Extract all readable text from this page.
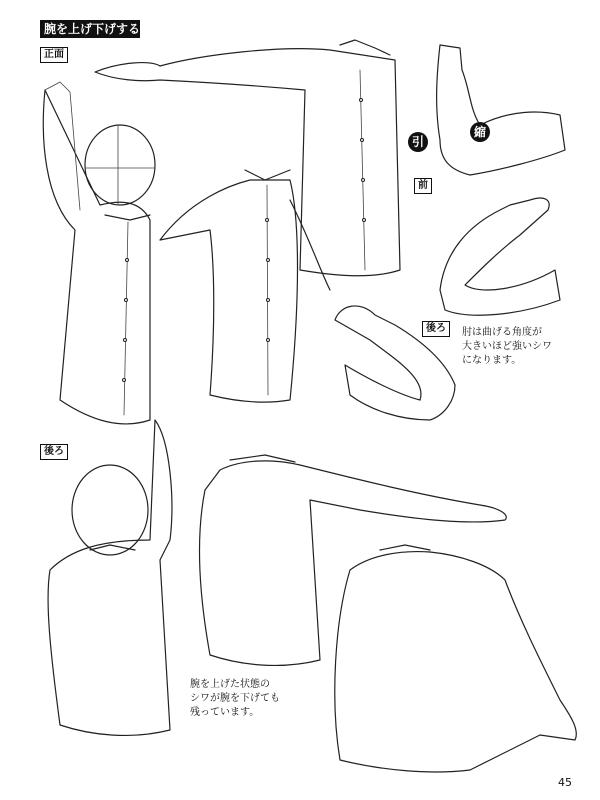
腕を上げ下げする
正面
後ろ
前
後ろ
引
縮
肘は曲げる角度が
大きいほど強いシワ
になります。
腕を上げた状態の
シワが腕を下げても
残っています。
45
